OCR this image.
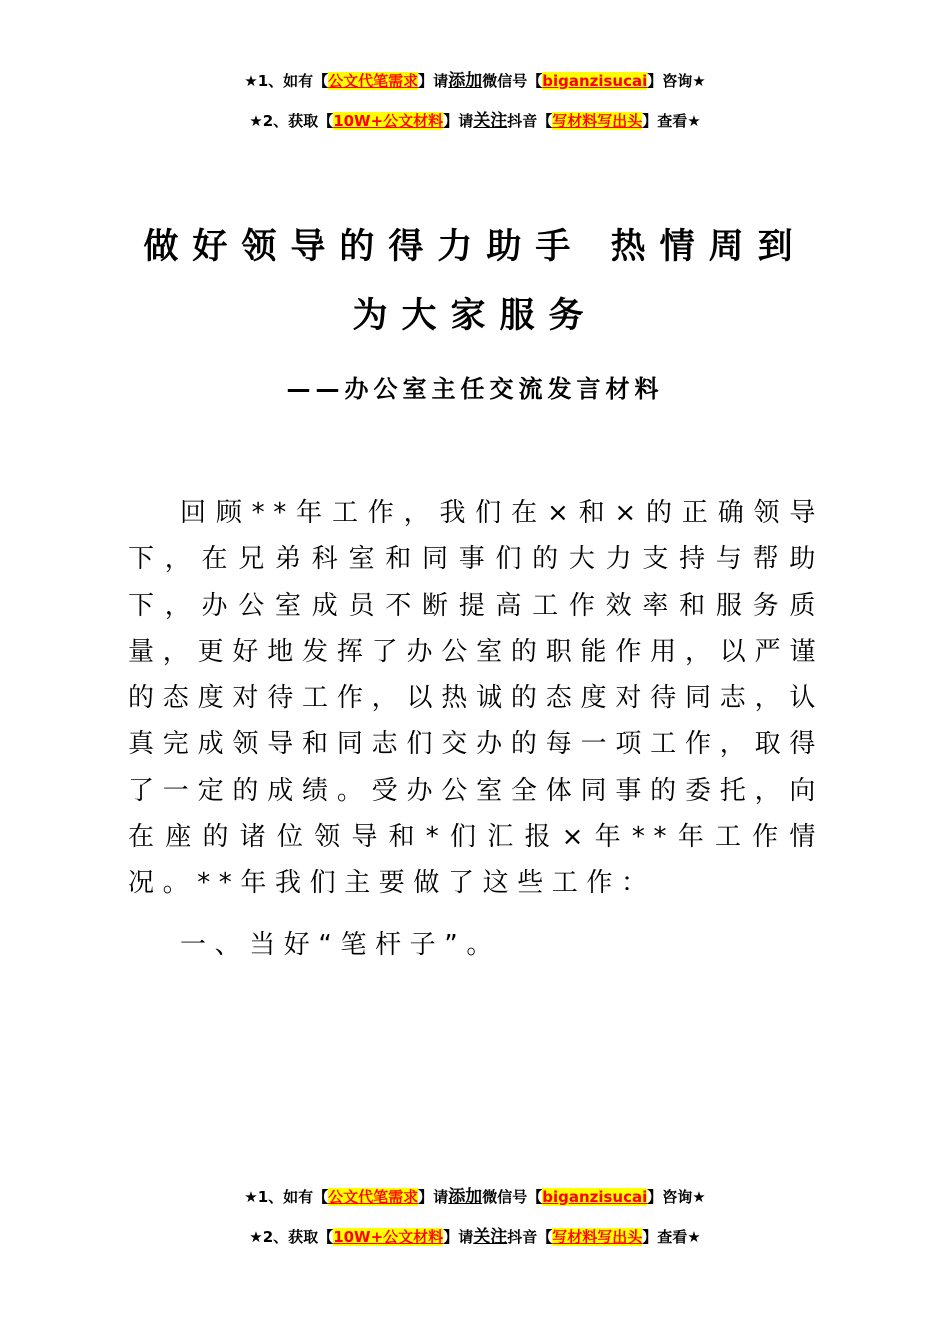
★1、如有【公文代笔需求】请添加微信号【biganzisucai】咨询★
★2、获取【10W+公文材料】请关注抖音【写材料写出头】查看★
做好领导的得力助手 热情周到
为大家服务
——办公室主任交流发言材料

回顾**年工作，我们在×和×的正确领导下，在兄弟科室和同事们的大力支持与帮助下，办公室成员不断提高工作效率和服务质量，更好地发挥了办公室的职能作用，以严谨的态度对待工作，以热诚的态度对待同志，认真完成领导和同志们交办的每一项工作，取得了一定的成绩。受办公室全体同事的委托，向在座的诸位领导和*们汇报×年**年工作情况。**年我们主要做了这些工作：

一、当好“笔杆子”。
★1、如有【公文代笔需求】请添加微信号【biganzisucai】咨询★
★2、获取【10W+公文材料】请关注抖音【写材料写出头】查看★
